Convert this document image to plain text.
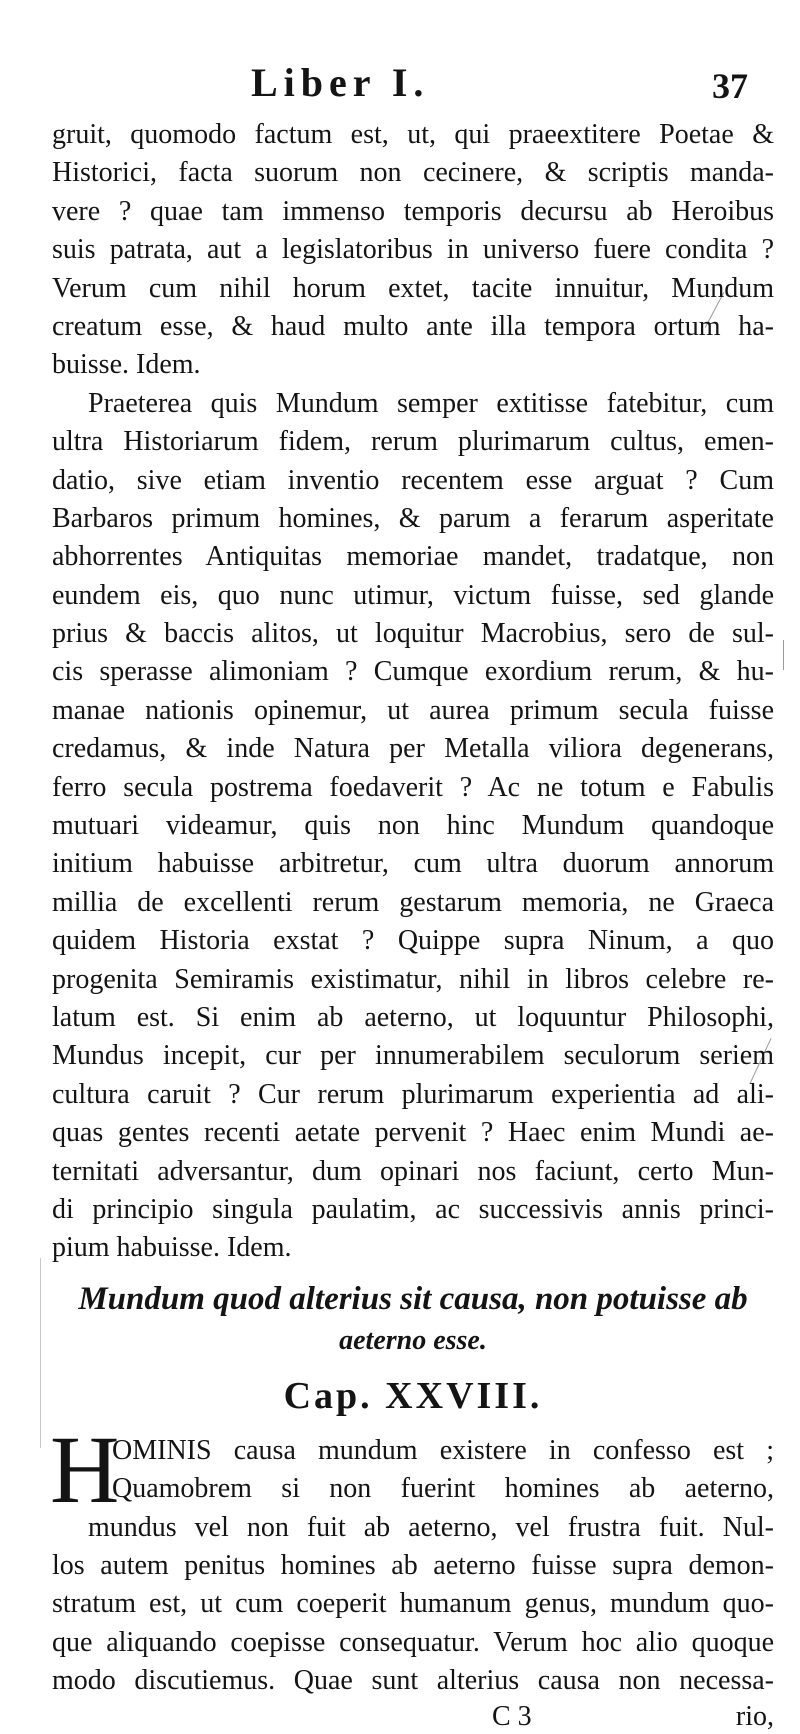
Liber I.	37
gruit, quomodo factum est, ut, qui praeextitere Poetae &
Historici, facta suorum non cecinere, & scriptis manda-
vere ? quae tam immenso temporis decursu ab Heroibus
suis patrata, aut a legislatoribus in universo fuere condita ?
Verum cum nihil horum extet, tacite innuitur, Mundum
creatum esse, & haud multo ante illa tempora ortum ha-
buisse. Idem.
Praeterea quis Mundum semper extitisse fatebitur, cum
ultra Historiarum fidem, rerum plurimarum cultus, emen-
datio, sive etiam inventio recentem esse arguat ? Cum
Barbaros primum homines, & parum a ferarum asperitate
abhorrentes Antiquitas memoriae mandet, tradatque, non
eundem eis, quo nunc utimur, victum fuisse, sed glande
prius & baccis alitos, ut loquitur Macrobius, sero de sul-
cis sperasse alimoniam ? Cumque exordium rerum, & hu-
manae nationis opinemur, ut aurea primum secula fuisse
credamus, & inde Natura per Metalla viliora degenerans,
ferro secula postrema foedaverit ? Ac ne totum e Fabulis
mutuari videamur, quis non hinc Mundum quandoque
initium habuisse arbitretur, cum ultra duorum annorum
millia de excellenti rerum gestarum memoria, ne Graeca
quidem Historia exstat ? Quippe supra Ninum, a quo
progenita Semiramis existimatur, nihil in libros celebre re-
latum est. Si enim ab aeterno, ut loquuntur Philosophi,
Mundus incepit, cur per innumerabilem seculorum seriem
cultura caruit ? Cur rerum plurimarum experientia ad ali-
quas gentes recenti aetate pervenit ? Haec enim Mundi ae-
ternitati adversantur, dum opinari nos faciunt, certo Mun-
di principio singula paulatim, ac successivis annis princi-
pium habuisse. Idem.
Mundum quod alterius sit causa, non potuisse ab
aeterno esse.
Cap. XXVIII.
H
OMINIS causa mundum existere in confesso est ;
Quamobrem si non fuerint homines ab aeterno,
mundus vel non fuit ab aeterno, vel frustra fuit. Nul-
los autem penitus homines ab aeterno fuisse supra demon-
stratum est, ut cum coeperit humanum genus, mundum quo-
que aliquando coepisse consequatur. Verum hoc alio quoque
modo discutiemus. Quae sunt alterius causa non necessa-
C 3	rio,
